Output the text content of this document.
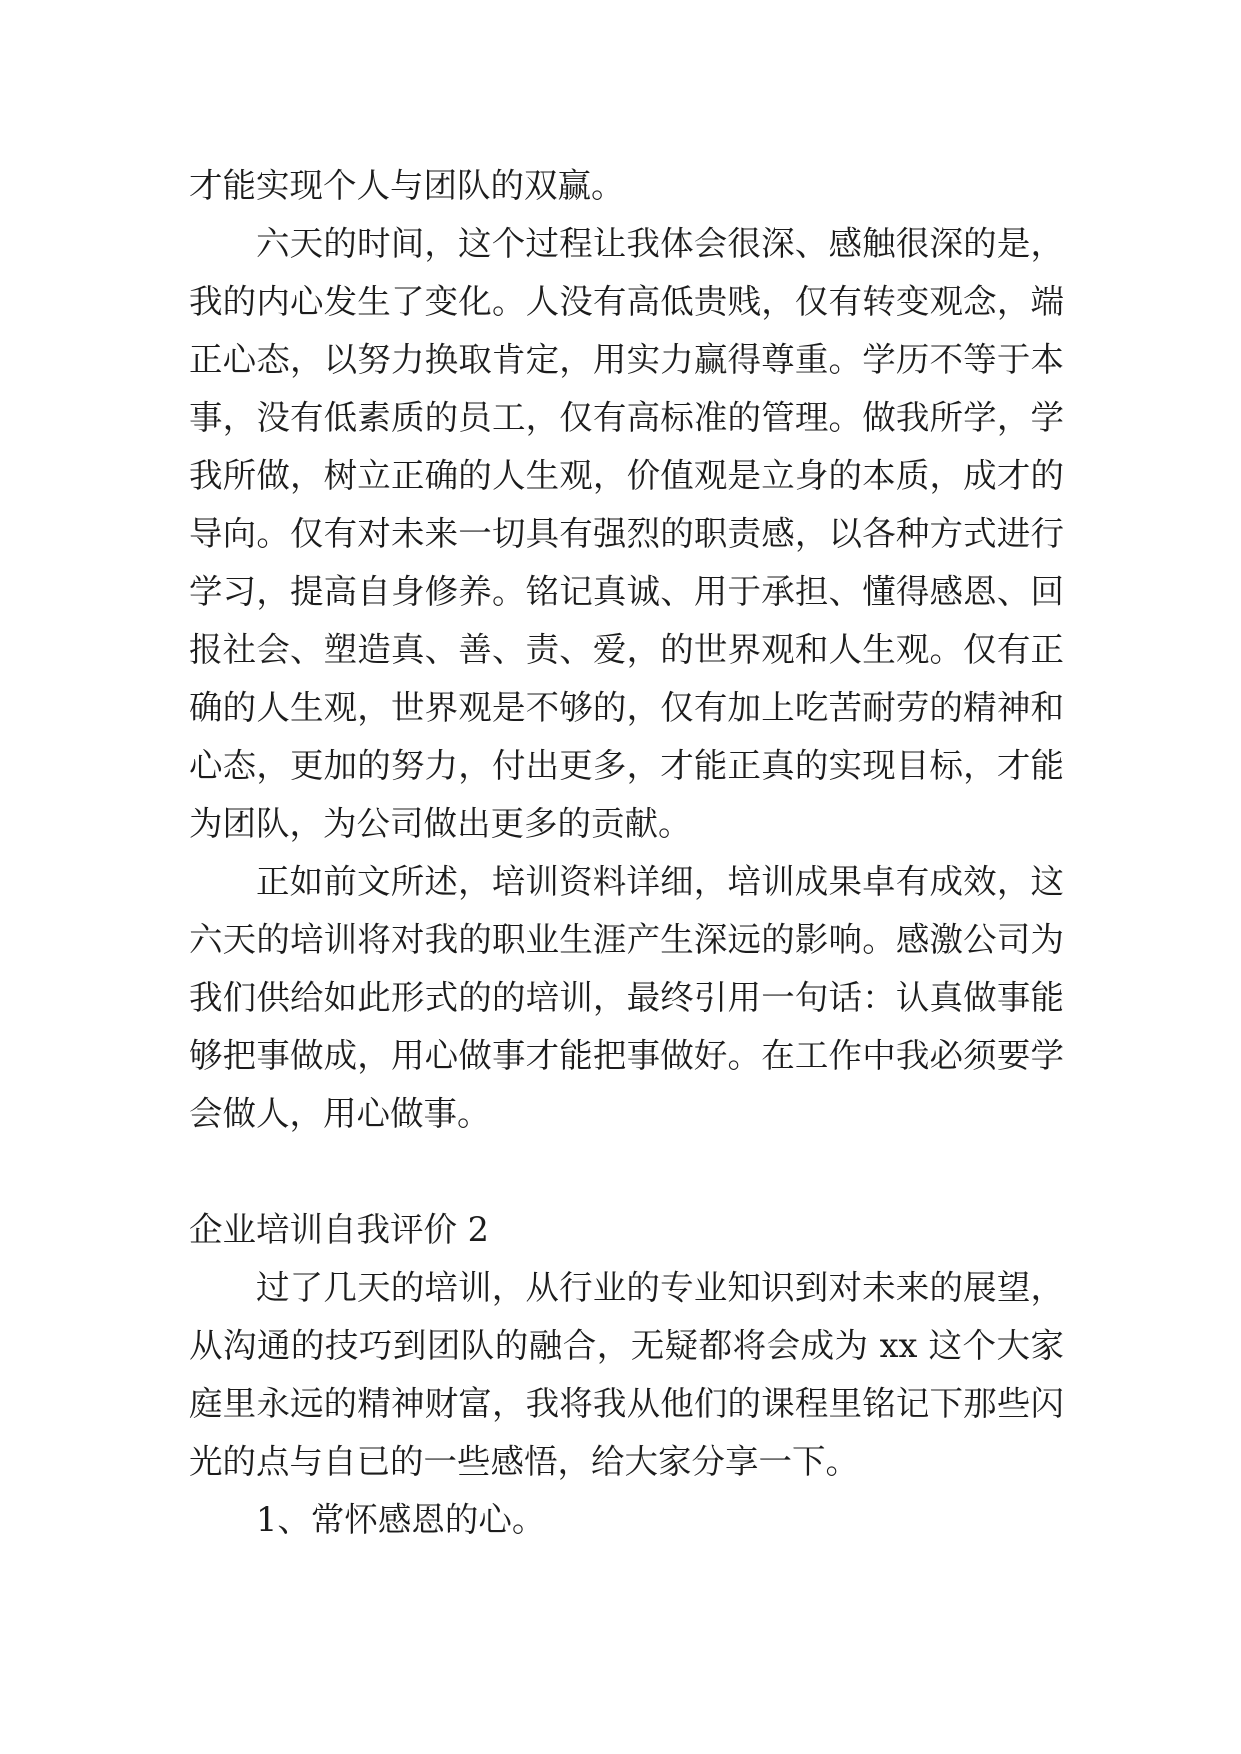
才能实现个人与团队的双赢。

六天的时间，这个过程让我体会很深、感触很深的是，我的内心发生了变化。人没有高低贵贱，仅有转变观念，端正心态，以努力换取肯定，用实力赢得尊重。学历不等于本事，没有低素质的员工，仅有高标准的管理。做我所学，学我所做，树立正确的人生观，价值观是立身的本质，成才的导向。仅有对未来一切具有强烈的职责感，以各种方式进行学习，提高自身修养。铭记真诚、用于承担、懂得感恩、回报社会、塑造真、善、责、爱，的世界观和人生观。仅有正确的人生观，世界观是不够的，仅有加上吃苦耐劳的精神和心态，更加的努力，付出更多，才能正真的实现目标，才能为团队，为公司做出更多的贡献。

正如前文所述，培训资料详细，培训成果卓有成效，这六天的培训将对我的职业生涯产生深远的影响。感激公司为我们供给如此形式的的培训，最终引用一句话：认真做事能够把事做成，用心做事才能把事做好。在工作中我必须要学会做人，用心做事。

企业培训自我评价 2

过了几天的培训，从行业的专业知识到对未来的展望，从沟通的技巧到团队的融合，无疑都将会成为 xx 这个大家庭里永远的精神财富，我将我从他们的课程里铭记下那些闪光的点与自已的一些感悟，给大家分享一下。

1、常怀感恩的心。
